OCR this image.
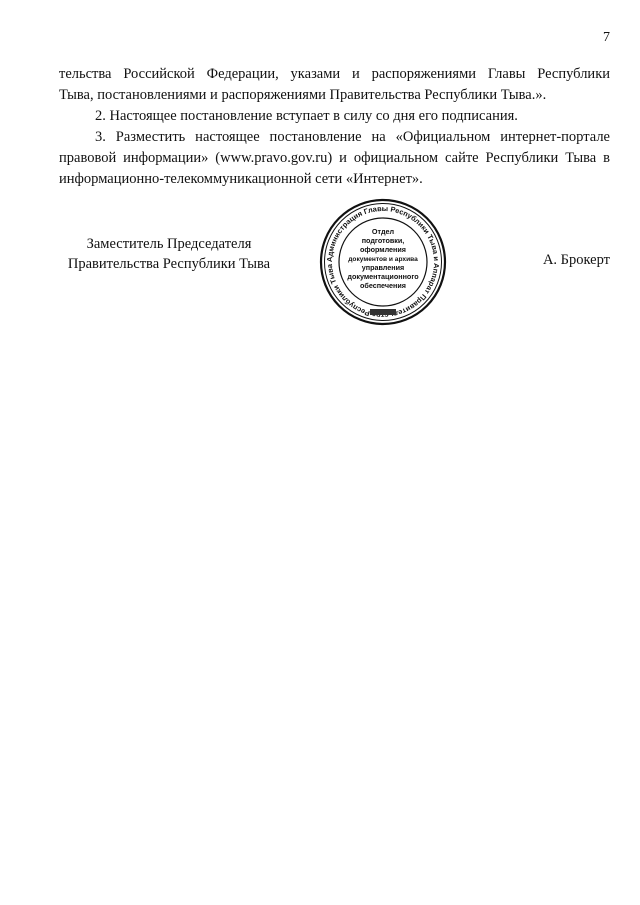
7

тельства Российской Федерации, указами и распоряжениями Главы Республики

Тыва, постановлениями и распоряжениями Правительства Республики Тыва.».

2. Настоящее постановление вступает в силу со дня его подписания.

3. Разместить настоящее постановление на «Официальном интернет-портале

правовой информации» (www.pravo.gov.ru) и официальном сайте Республики Тыва в

информационно-телекоммуникационной сети «Интернет».

Заместитель Председателя
Правительства Республики Тыва	А. Брокерт
Администрация Главы Республики Тыва и Аппарат Правител ств Республики Тыва
Отдел
подготовки,
оформления
документов и архива
управления
документационного
обеспечения
